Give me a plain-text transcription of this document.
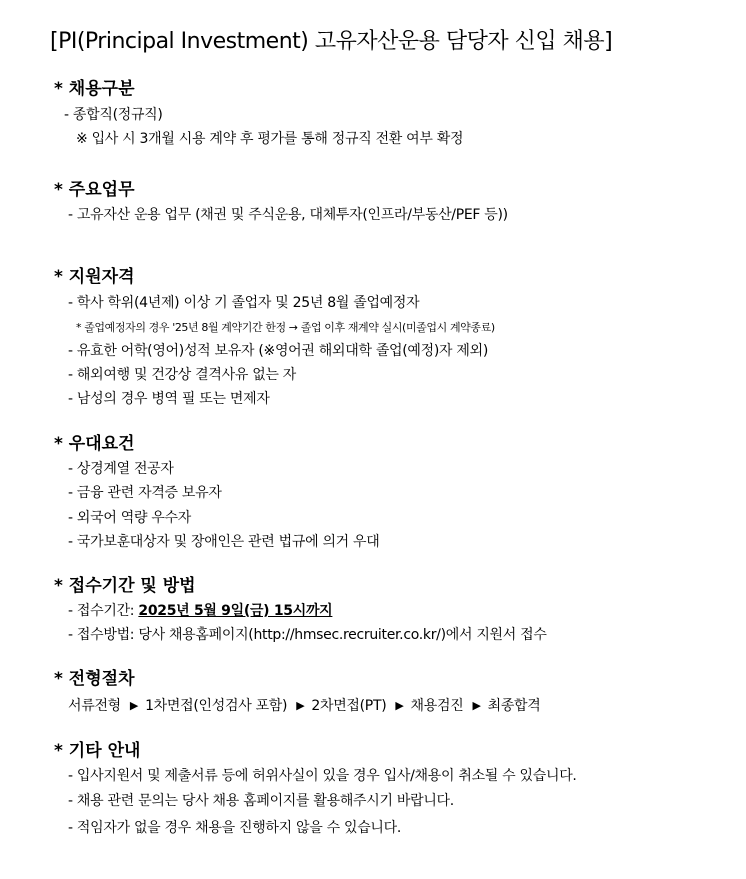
[PI(Principal Investment) 고유자산운용 담당자 신입 채용]
* 채용구분
- 종합직(정규직)
※ 입사 시 3개월 시용 계약 후 평가를 통해 정규직 전환 여부 확정
* 주요업무
- 고유자산 운용 업무 (채권 및 주식운용, 대체투자(인프라/부동산/PEF 등))
* 지원자격
- 학사 학위(4년제) 이상 기 졸업자 및 25년 8월 졸업예정자
* 졸업예정자의 경우 '25년 8월 계약기간 한정 → 졸업 이후 재계약 실시(미졸업시 계약종료)
- 유효한 어학(영어)성적 보유자 (※영어권 해외대학 졸업(예정)자 제외)
- 해외여행 및 건강상 결격사유 없는 자
- 남성의 경우 병역 필 또는 면제자
* 우대요건
- 상경계열 전공자
- 금융 관련 자격증 보유자
- 외국어 역량 우수자
- 국가보훈대상자 및 장애인은 관련 법규에 의거 우대
* 접수기간 및 방법
- 접수기간: 2025년 5월 9일(금) 15시까지
- 접수방법: 당사 채용홈페이지(http://hmsec.recruiter.co.kr/)에서 지원서 접수
* 전형절차
서류전형 ▶ 1차면접(인성검사 포함) ▶ 2차면접(PT) ▶ 채용검진 ▶ 최종합격
* 기타 안내
- 입사지원서 및 제출서류 등에 허위사실이 있을 경우 입사/채용이 취소될 수 있습니다.
- 채용 관련 문의는 당사 채용 홈페이지를 활용해주시기 바랍니다.
- 적임자가 없을 경우 채용을 진행하지 않을 수 있습니다.
